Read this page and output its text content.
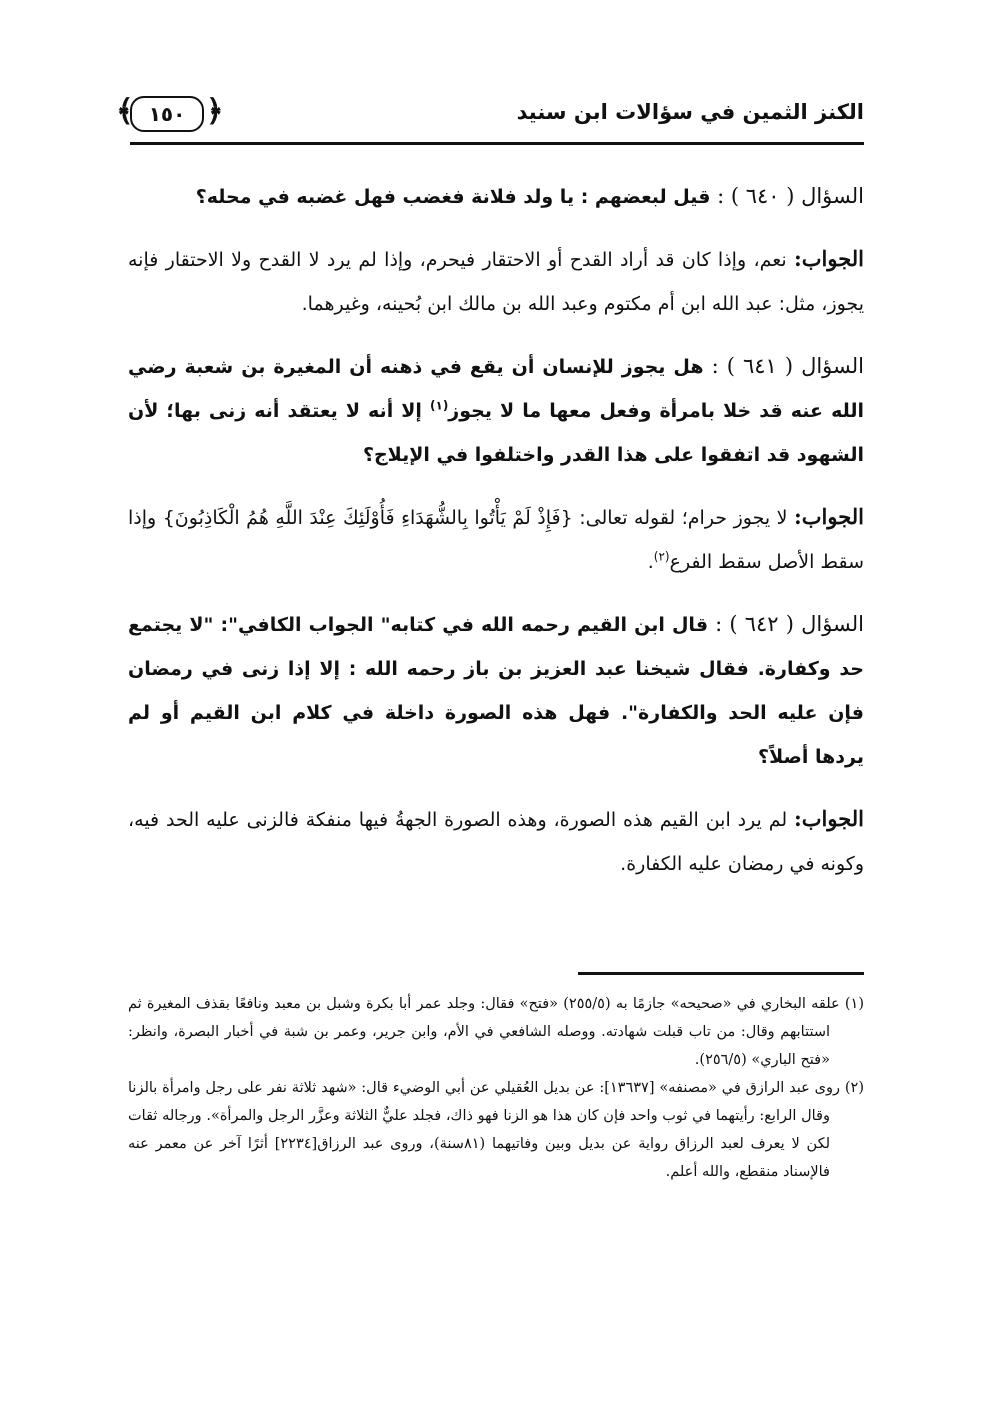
الكنز الثمين في سؤالات ابن سنيد
﴾ ١٥٠ ﴿

السؤال ( ٦٤٠ ) : قيل لبعضهم : يا ولد فلانة فغضب فهل غضبه في محله؟

الجواب: نعم، وإذا كان قد أراد القدح أو الاحتقار فيحرم، وإذا لم يرد لا القدح ولا الاحتقار فإنه يجوز، مثل: عبد الله ابن أم مكتوم وعبد الله بن مالك ابن بُحينه، وغيرهما.

السؤال ( ٦٤١ ) : هل يجوز للإنسان أن يقع في ذهنه أن المغيرة بن شعبة رضي الله عنه قد خلا بامرأة وفعل معها ما لا يجوز$^{(١)}$ إلا أنه لا يعتقد أنه زنى بها؛ لأن الشهود قد اتفقوا على هذا القدر واختلفوا في الإيلاج؟

الجواب: لا يجوز حرام؛ لقوله تعالى: {فَإِذْ لَمْ يَأْتُوا بِالشُّهَدَاءِ فَأُوْلَئِكَ عِنْدَ اللَّهِ هُمُ الْكَاذِبُونَ} وإذا سقط الأصل سقط الفرع$^{(٢)}$.

السؤال ( ٦٤٢ ) : قال ابن القيم رحمه الله في كتابه" الجواب الكافي": "لا يجتمع حد وكفارة. فقال شيخنا عبد العزيز بن باز رحمه الله : إلا إذا زنى في رمضان فإن عليه الحد والكفارة". فهل هذه الصورة داخلة في كلام ابن القيم أو لم يردها أصلاً؟

الجواب: لم يرد ابن القيم هذه الصورة، وهذه الصورة الجهةُ فيها منفكة فالزنى عليه الحد فيه، وكونه في رمضان عليه الكفارة.

(١) علقه البخاري في «صحيحه» جازمًا به (٢٥٥/٥) «فتح» فقال: وجلد عمر أبا بكرة وشبل بن معبد ونافعًا بقذف المغيرة ثم استتابهم وقال: من تاب قبلت شهادته. ووصله الشافعي في الأم، وابن جرير، وعمر بن شبة في أخبار البصرة، وانظر: «فتح الباري» (٢٥٦/٥).

(٢) روى عبد الرازق في «مصنفه» [١٣٦٣٧]: عن بديل العُقيلي عن أبي الوضيء قال: «شهد ثلاثة نفر على رجل وامرأة بالزنا وقال الرابع: رأيتهما في ثوب واحد فإن كان هذا هو الزنا فهو ذاك، فجلد عليٌّ الثلاثة وعزَّر الرجل والمرأة». ورجاله ثقات لكن لا يعرف لعبد الرزاق رواية عن بديل وبين وفاتيهما (٨١سنة)، وروى عبد الرزاق[٢٢٣٤] أثرًا آخر عن معمر عنه فالإسناد منقطع، والله أعلم.
